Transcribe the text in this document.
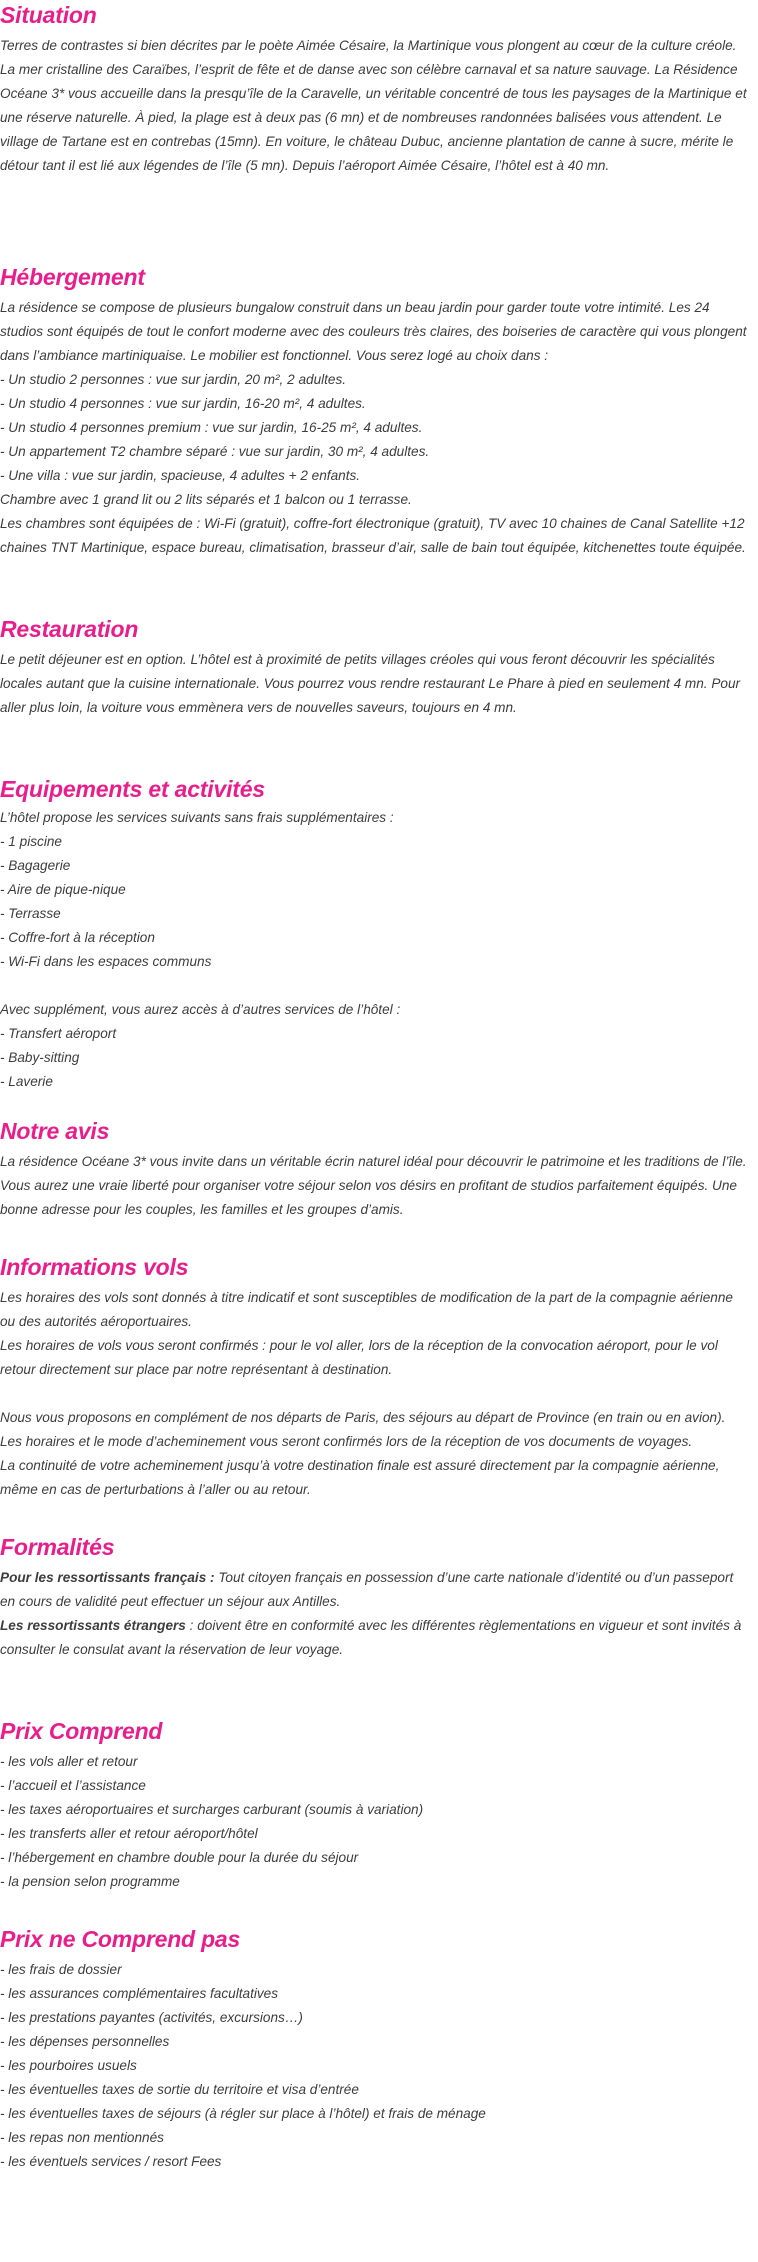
Situation

Terres de contrastes si bien décrites par le poète Aimée Césaire, la Martinique vous plongent au cœur de la culture créole. La mer cristalline des Caraïbes, l’esprit de fête et de danse avec son célèbre carnaval et sa nature sauvage. La Résidence Océane 3* vous accueille dans la presqu’île de la Caravelle, un véritable concentré de tous les paysages de la Martinique et une réserve naturelle. À pied, la plage est à deux pas (6 mn) et de nombreuses randonnées balisées vous attendent. Le village de Tartane est en contrebas (15mn). En voiture, le château Dubuc, ancienne plantation de canne à sucre, mérite le détour tant il est lié aux légendes de l’île (5 mn). Depuis l’aéroport Aimée Césaire, l’hôtel est à 40 mn.

Hébergement

La résidence se compose de plusieurs bungalow construit dans un beau jardin pour garder toute votre intimité. Les 24 studios sont équipés de tout le confort moderne avec des couleurs très claires, des boiseries de caractère qui vous plongent dans l’ambiance martiniquaise. Le mobilier est fonctionnel. Vous serez logé au choix dans :

- Un studio 2 personnes : vue sur jardin, 20 m², 2 adultes.

- Un studio 4 personnes : vue sur jardin, 16-20 m², 4 adultes.

- Un studio 4 personnes premium : vue sur jardin, 16-25 m², 4 adultes.

- Un appartement T2 chambre séparé : vue sur jardin, 30 m², 4 adultes.

- Une villa : vue sur jardin, spacieuse, 4 adultes + 2 enfants.

Chambre avec 1 grand lit ou 2 lits séparés et 1 balcon ou 1 terrasse.

Les chambres sont équipées de : Wi-Fi (gratuit), coffre-fort électronique (gratuit), TV avec 10 chaines de Canal Satellite +12 chaines TNT Martinique, espace bureau, climatisation, brasseur d’air, salle de bain tout équipée, kitchenettes toute équipée.

Restauration

Le petit déjeuner est en option. L’hôtel est à proximité de petits villages créoles qui vous feront découvrir les spécialités locales autant que la cuisine internationale. Vous pourrez vous rendre restaurant Le Phare à pied en seulement 4 mn. Pour aller plus loin, la voiture vous emmènera vers de nouvelles saveurs, toujours en 4 mn.

Equipements et activités

L’hôtel propose les services suivants sans frais supplémentaires :

- 1 piscine

- Bagagerie

- Aire de pique-nique

- Terrasse

- Coffre-fort à la réception

- Wi-Fi dans les espaces communs

Avec supplément, vous aurez accès à d’autres services de l’hôtel :

- Transfert aéroport

- Baby-sitting

- Laverie

Notre avis

La résidence Océane 3* vous invite dans un véritable écrin naturel idéal pour découvrir le patrimoine et les traditions de l’île. Vous aurez une vraie liberté pour organiser votre séjour selon vos désirs en profitant de studios parfaitement équipés. Une bonne adresse pour les couples, les familles et les groupes d’amis.

Informations vols

Les horaires des vols sont donnés à titre indicatif et sont susceptibles de modification de la part de la compagnie aérienne ou des autorités aéroportuaires.

Les horaires de vols vous seront confirmés : pour le vol aller, lors de la réception de la convocation aéroport, pour le vol retour directement sur place par notre représentant à destination.

Nous vous proposons en complément de nos départs de Paris, des séjours au départ de Province (en train ou en avion).

Les horaires et le mode d’acheminement vous seront confirmés lors de la réception de vos documents de voyages.

La continuité de votre acheminement jusqu’à votre destination finale est assuré directement par la compagnie aérienne, même en cas de perturbations à l’aller ou au retour.

Formalités

Pour les ressortissants français : Tout citoyen français en possession d’une carte nationale d’identité ou d’un passeport en cours de validité peut effectuer un séjour aux Antilles.

Les ressortissants étrangers : doivent être en conformité avec les différentes règlementations en vigueur et sont invités à consulter le consulat avant la réservation de leur voyage.

Prix Comprend

- les vols aller et retour

- l’accueil et l’assistance

- les taxes aéroportuaires et surcharges carburant (soumis à variation)

- les transferts aller et retour aéroport/hôtel

- l’hébergement en chambre double pour la durée du séjour

- la pension selon programme

Prix ne Comprend pas

- les frais de dossier

- les assurances complémentaires facultatives

- les prestations payantes (activités, excursions…)

- les dépenses personnelles

- les pourboires usuels

- les éventuelles taxes de sortie du territoire et visa d’entrée

- les éventuelles taxes de séjours (à régler sur place à l’hôtel) et frais de ménage

- les repas non mentionnés

- les éventuels services / resort Fees
